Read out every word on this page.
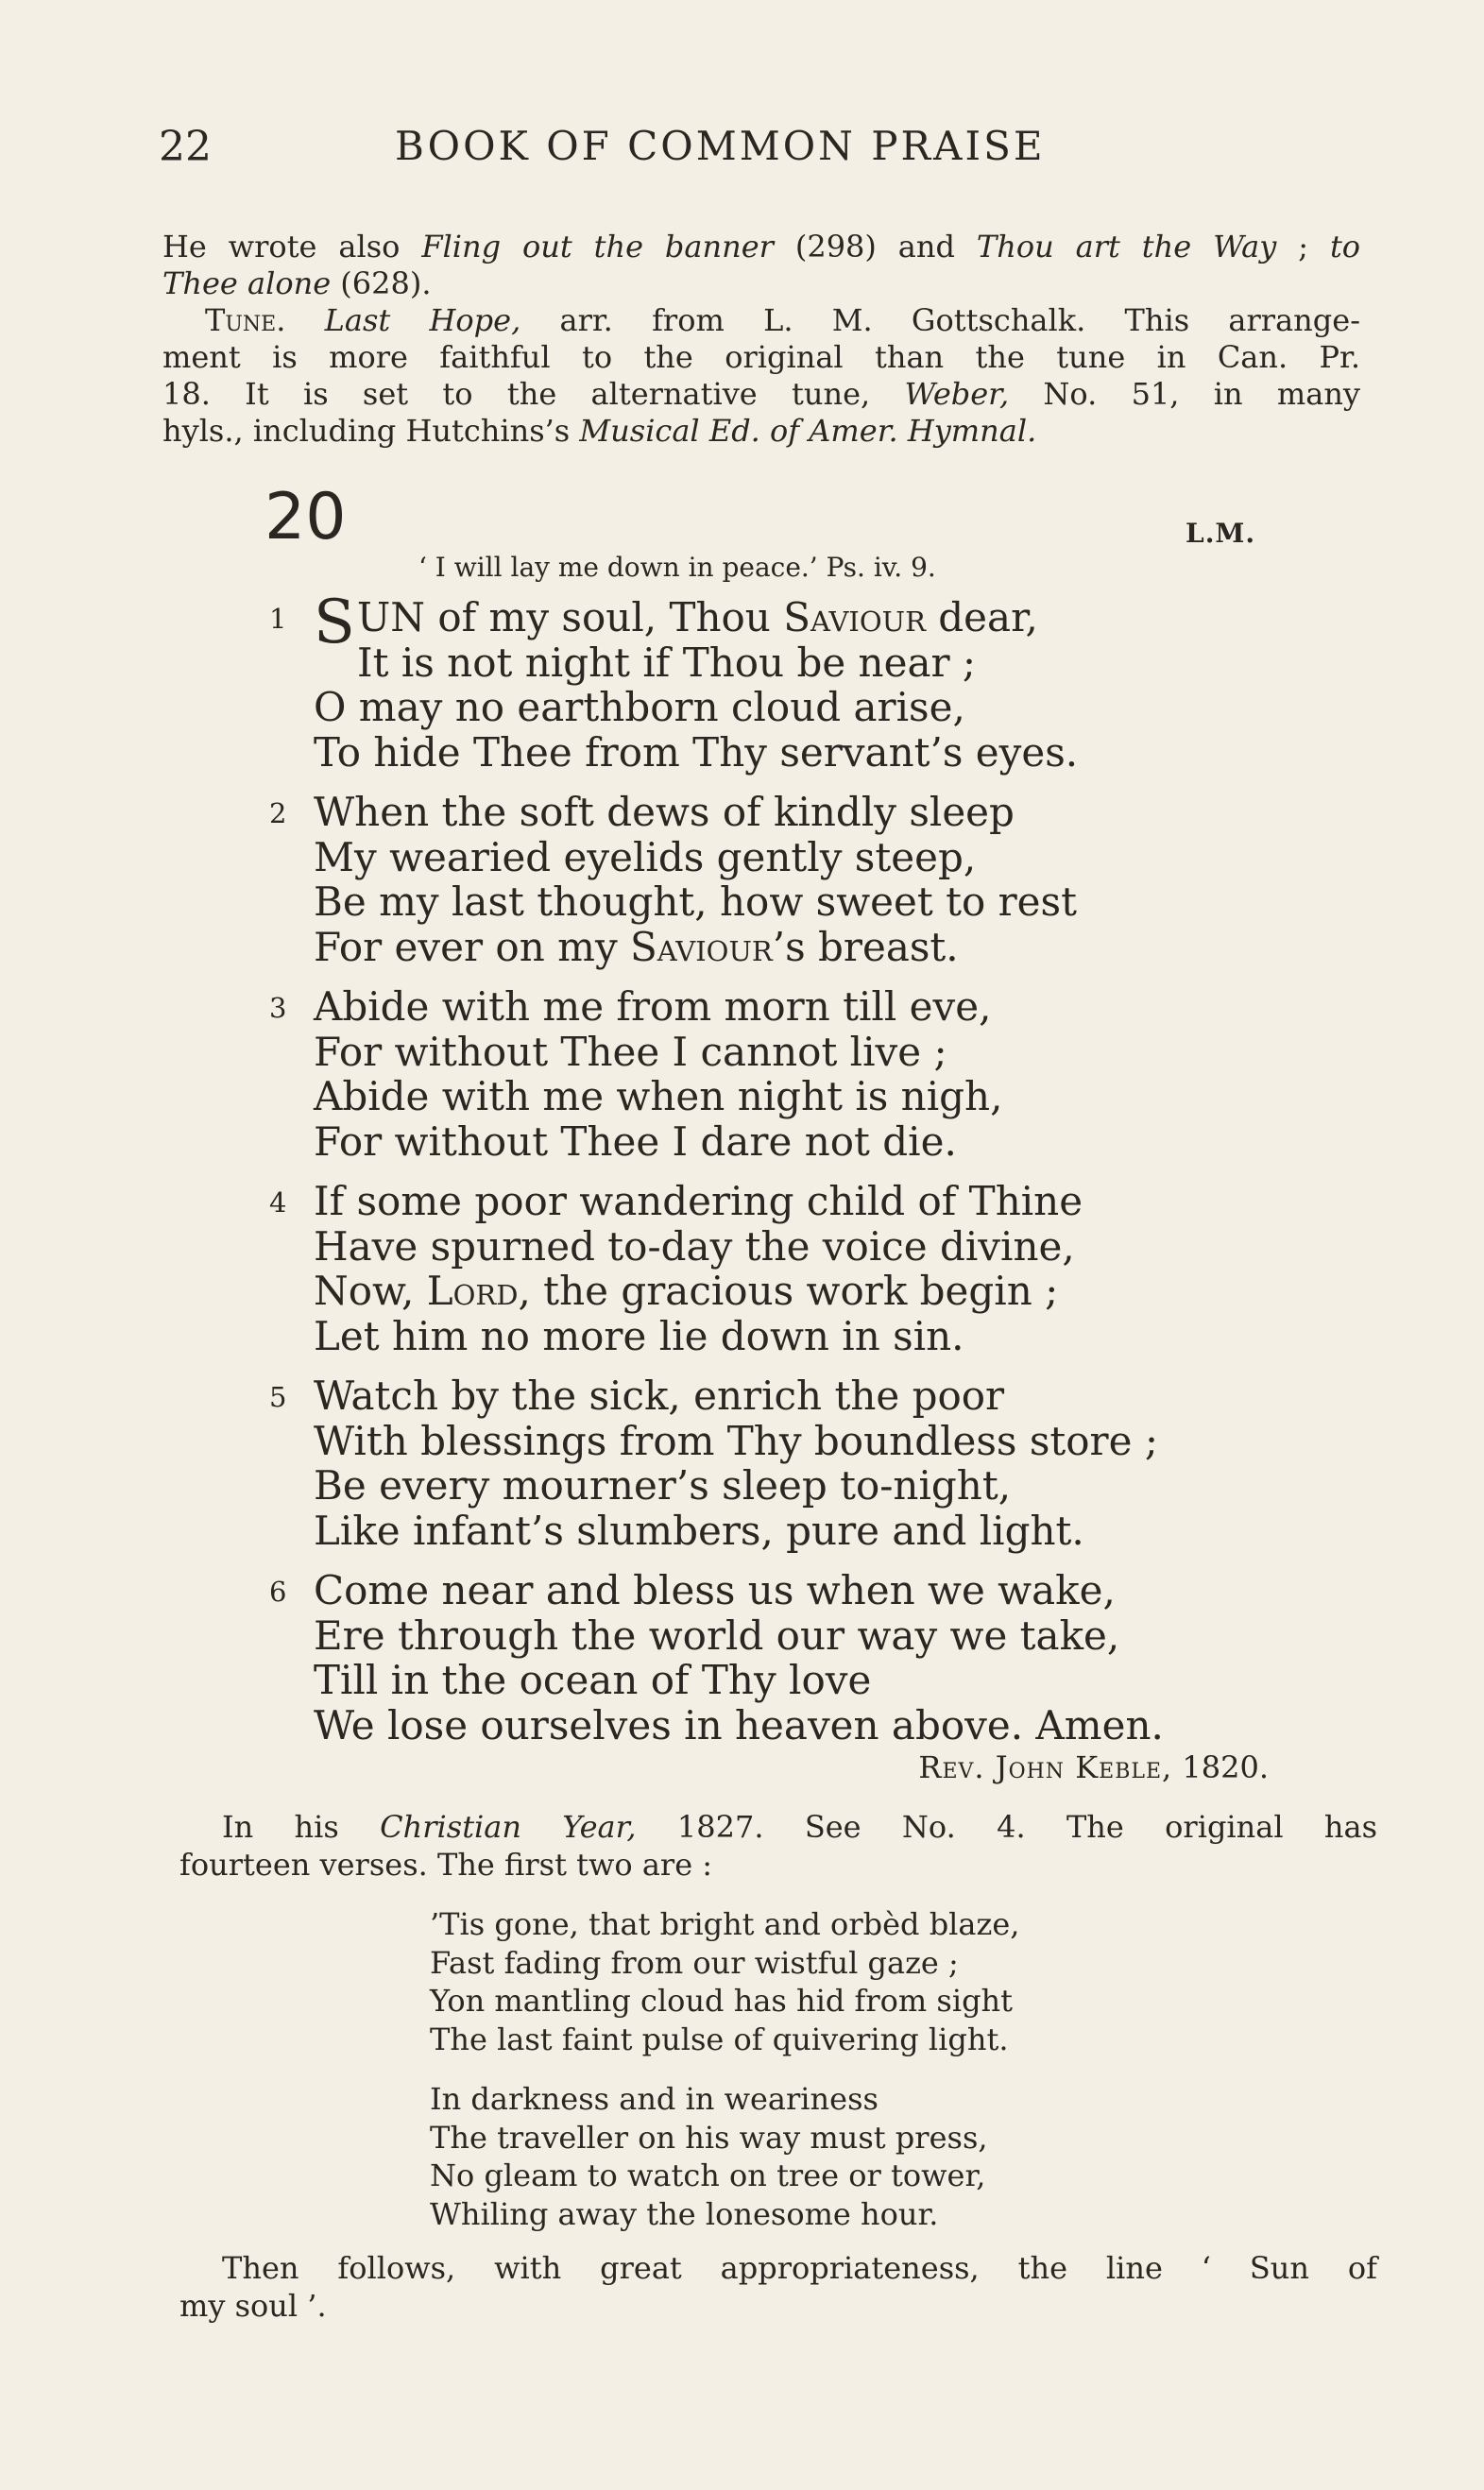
22	BOOK OF COMMON PRAISE
He wrote also Fling out the banner (298) and Thou art the Way ; to
Thee alone (628).
Tune. Last Hope, arr. from L. M. Gottschalk. This arrange-
ment is more faithful to the original than the tune in Can. Pr.
18. It is set to the alternative tune, Weber, No. 51, in many
hyls., including Hutchins’s Musical Ed. of Amer. Hymnal.
20	L.M.
‘ I will lay me down in peace.’ Ps. iv. 9.
1 SUN of my soul, Thou Saviour dear,
It is not night if Thou be near ;
O may no earthborn cloud arise,
To hide Thee from Thy servant’s eyes.
2 When the soft dews of kindly sleep
My wearied eyelids gently steep,
Be my last thought, how sweet to rest
For ever on my Saviour’s breast.
3 Abide with me from morn till eve,
For without Thee I cannot live ;
Abide with me when night is nigh,
For without Thee I dare not die.
4 If some poor wandering child of Thine
Have spurned to-day the voice divine,
Now, Lord, the gracious work begin ;
Let him no more lie down in sin.
5 Watch by the sick, enrich the poor
With blessings from Thy boundless store ;
Be every mourner’s sleep to-night,
Like infant’s slumbers, pure and light.
6 Come near and bless us when we wake,
Ere through the world our way we take,
Till in the ocean of Thy love
We lose ourselves in heaven above. Amen.
Rev. John Keble, 1820.
In his Christian Year, 1827. See No. 4. The original has
fourteen verses. The first two are :
’Tis gone, that bright and orbèd blaze,
Fast fading from our wistful gaze ;
Yon mantling cloud has hid from sight
The last faint pulse of quivering light.
In darkness and in weariness
The traveller on his way must press,
No gleam to watch on tree or tower,
Whiling away the lonesome hour.
Then follows, with great appropriateness, the line ‘ Sun of
my soul ’.
